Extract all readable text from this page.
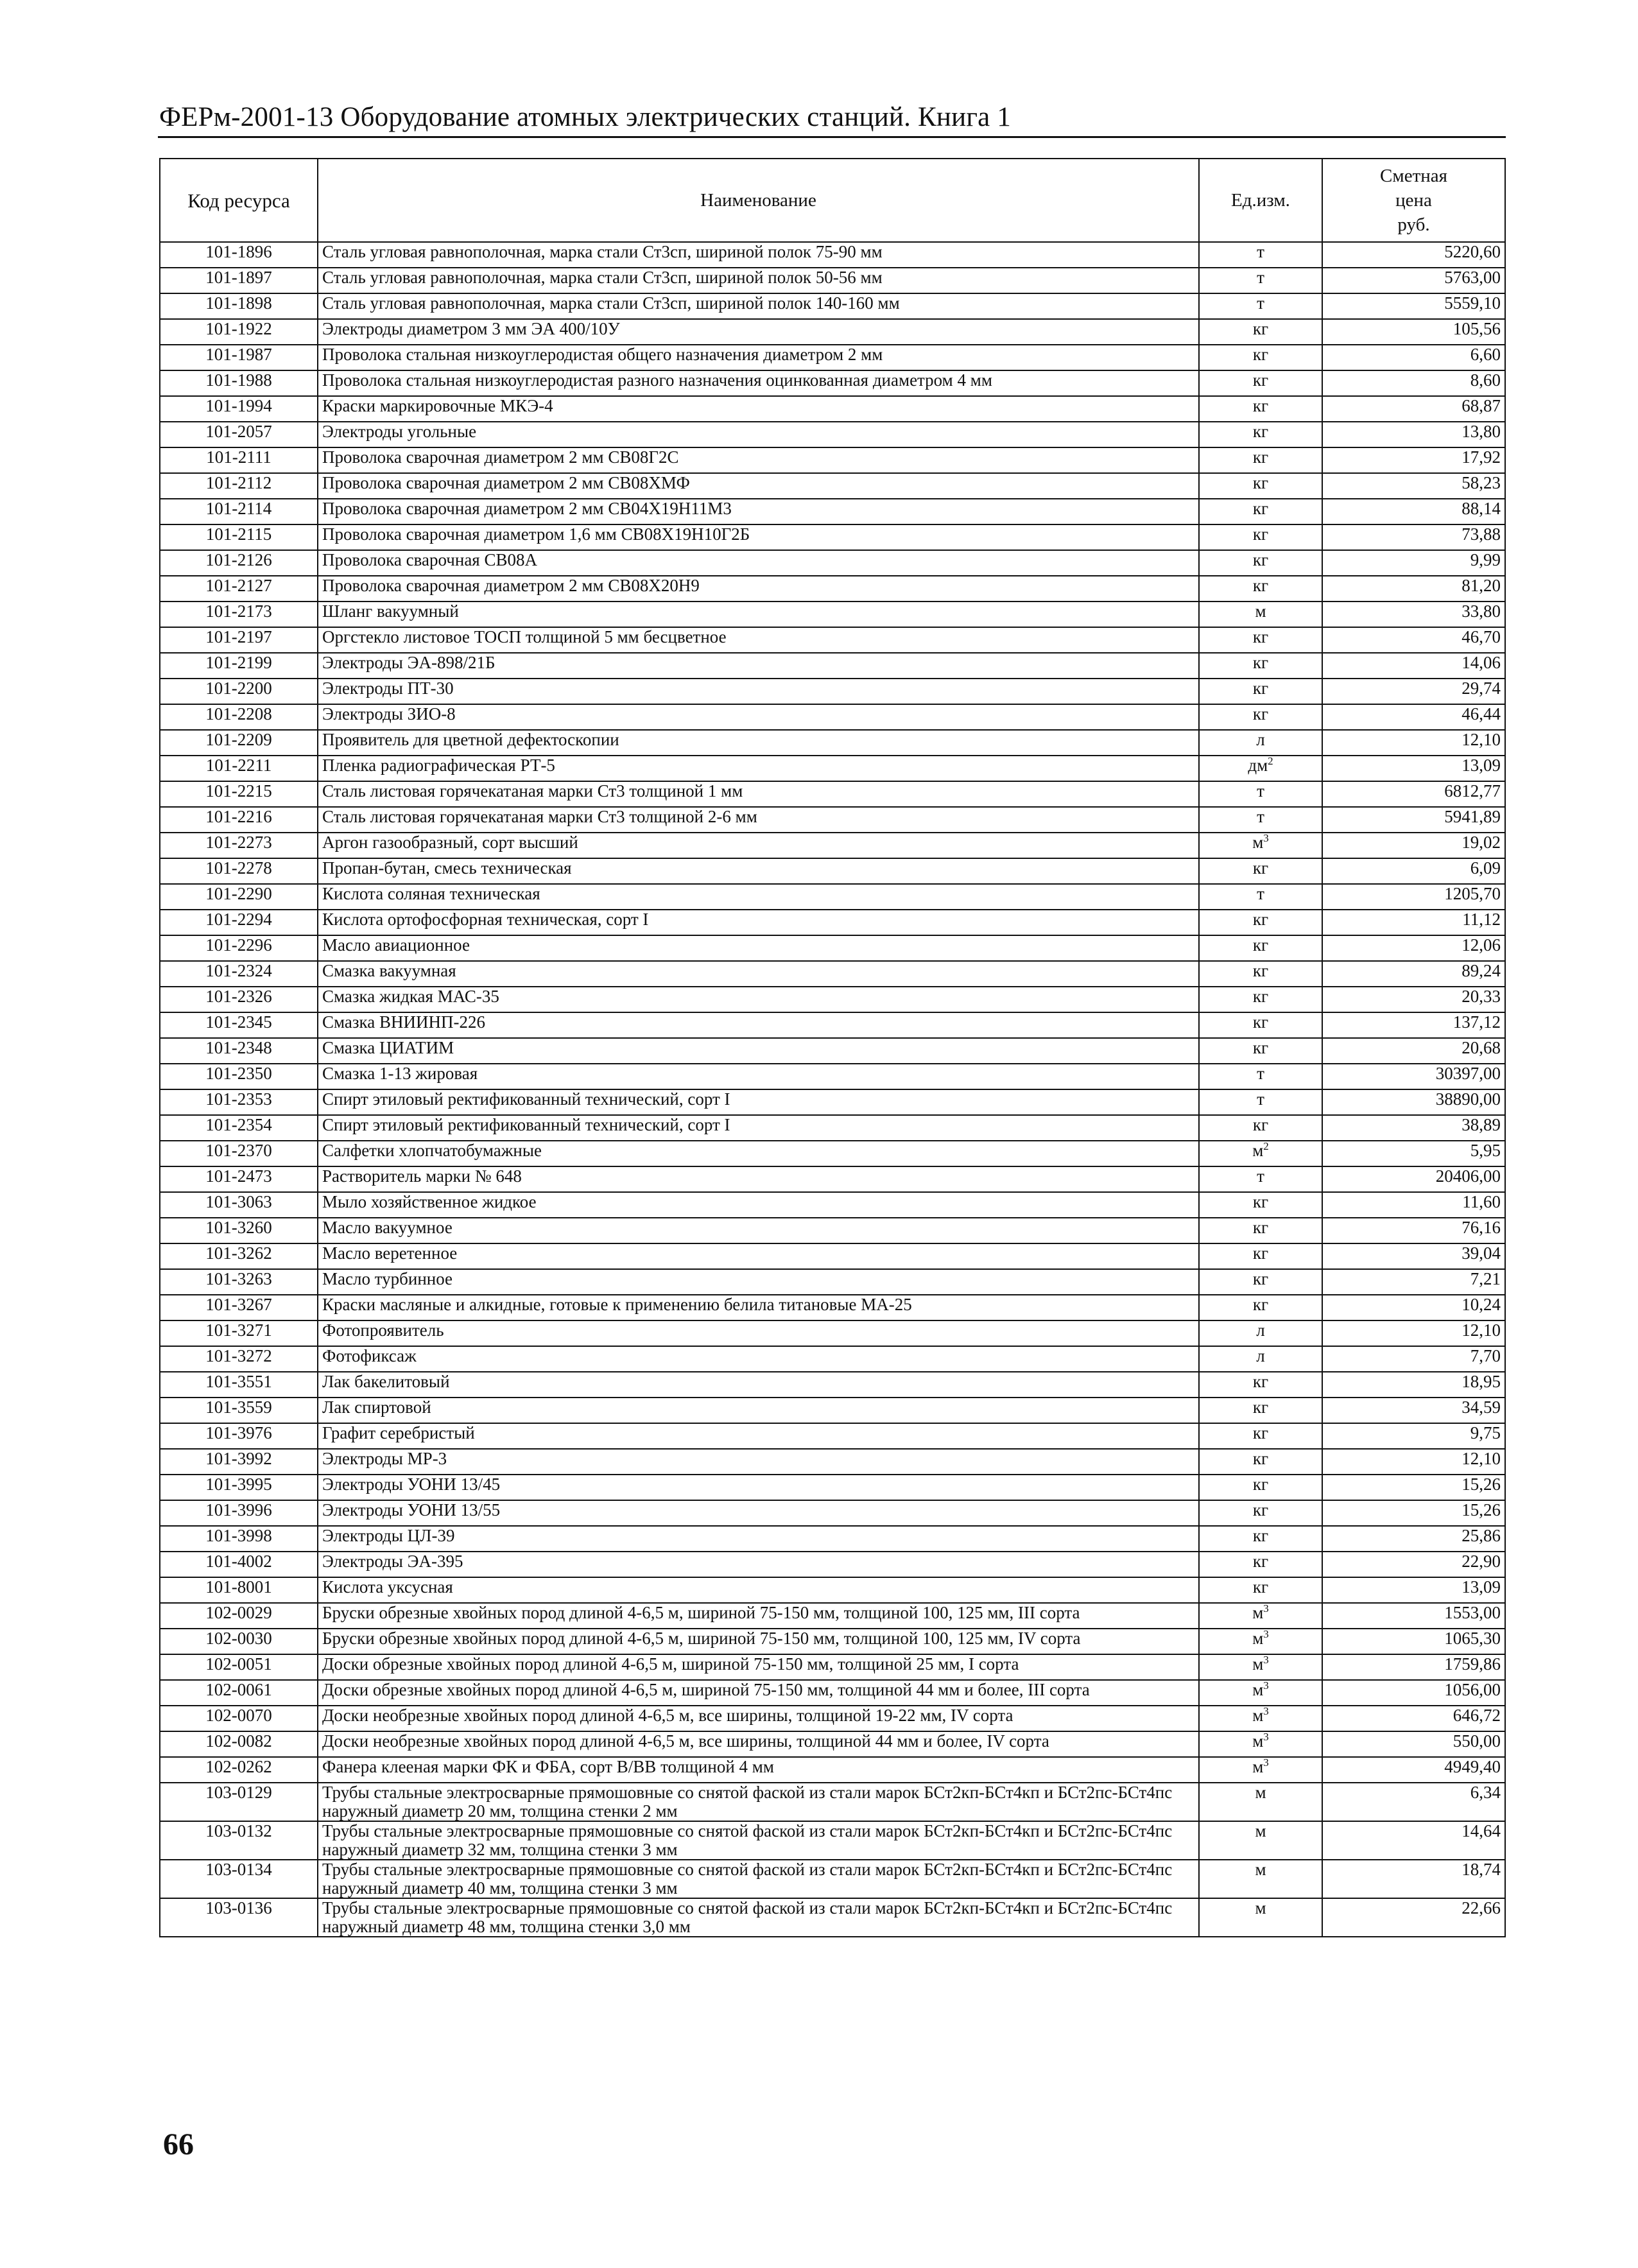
ФЕРм-2001-13 Оборудование атомных электрических станций. Книга 1
Код ресурса	Наименование	Ед.изм.	Сметная
цена
руб.
101-1896	Сталь угловая равнополочная, марка стали Ст3сп, шириной полок 75-90 мм	т	5220,60
101-1897	Сталь угловая равнополочная, марка стали Ст3сп, шириной полок 50-56 мм	т	5763,00
101-1898	Сталь угловая равнополочная, марка стали Ст3сп, шириной полок 140-160 мм	т	5559,10
101-1922	Электроды диаметром 3 мм ЭА 400/10У	кг	105,56
101-1987	Проволока стальная низкоуглеродистая общего назначения диаметром 2 мм	кг	6,60
101-1988	Проволока стальная низкоуглеродистая разного назначения оцинкованная диаметром 4 мм	кг	8,60
101-1994	Краски маркировочные МКЭ-4	кг	68,87
101-2057	Электроды угольные	кг	13,80
101-2111	Проволока сварочная диаметром 2 мм СВ08Г2С	кг	17,92
101-2112	Проволока сварочная диаметром 2 мм СВ08ХМФ	кг	58,23
101-2114	Проволока сварочная диаметром 2 мм СВ04Х19Н11М3	кг	88,14
101-2115	Проволока сварочная диаметром 1,6 мм СВ08Х19Н10Г2Б	кг	73,88
101-2126	Проволока сварочная СВ08А	кг	9,99
101-2127	Проволока сварочная диаметром 2 мм СВ08Х20Н9	кг	81,20
101-2173	Шланг вакуумный	м	33,80
101-2197	Оргстекло листовое ТОСП толщиной 5 мм бесцветное	кг	46,70
101-2199	Электроды ЭА-898/21Б	кг	14,06
101-2200	Электроды ПТ-30	кг	29,74
101-2208	Электроды ЗИО-8	кг	46,44
101-2209	Проявитель для цветной дефектоскопии	л	12,10
101-2211	Пленка радиографическая РТ-5	$дм^2$	13,09
101-2215	Сталь листовая горячекатаная марки Ст3 толщиной 1 мм	т	6812,77
101-2216	Сталь листовая горячекатаная марки Ст3 толщиной 2-6 мм	т	5941,89
101-2273	Аргон газообразный, сорт высший	$м^3$	19,02
101-2278	Пропан-бутан, смесь техническая	кг	6,09
101-2290	Кислота соляная техническая	т	1205,70
101-2294	Кислота ортофосфорная техническая, сорт I	кг	11,12
101-2296	Масло авиационное	кг	12,06
101-2324	Смазка вакуумная	кг	89,24
101-2326	Смазка жидкая МАС-35	кг	20,33
101-2345	Смазка ВНИИНП-226	кг	137,12
101-2348	Смазка ЦИАТИМ	кг	20,68
101-2350	Смазка 1-13 жировая	т	30397,00
101-2353	Спирт этиловый ректификованный технический, сорт I	т	38890,00
101-2354	Спирт этиловый ректификованный технический, сорт I	кг	38,89
101-2370	Салфетки хлопчатобумажные	$м^2$	5,95
101-2473	Растворитель марки № 648	т	20406,00
101-3063	Мыло хозяйственное жидкое	кг	11,60
101-3260	Масло вакуумное	кг	76,16
101-3262	Масло веретенное	кг	39,04
101-3263	Масло турбинное	кг	7,21
101-3267	Краски масляные и алкидные, готовые к применению белила титановые МА-25	кг	10,24
101-3271	Фотопроявитель	л	12,10
101-3272	Фотофиксаж	л	7,70
101-3551	Лак бакелитовый	кг	18,95
101-3559	Лак спиртовой	кг	34,59
101-3976	Графит серебристый	кг	9,75
101-3992	Электроды МР-3	кг	12,10
101-3995	Электроды УОНИ 13/45	кг	15,26
101-3996	Электроды УОНИ 13/55	кг	15,26
101-3998	Электроды ЦЛ-39	кг	25,86
101-4002	Электроды ЭА-395	кг	22,90
101-8001	Кислота уксусная	кг	13,09
102-0029	Бруски обрезные хвойных пород длиной 4-6,5 м, шириной 75-150 мм, толщиной 100, 125 мм, III сорта	$м^3$	1553,00
102-0030	Бруски обрезные хвойных пород длиной 4-6,5 м, шириной 75-150 мм, толщиной 100, 125 мм, IV сорта	$м^3$	1065,30
102-0051	Доски обрезные хвойных пород длиной 4-6,5 м, шириной 75-150 мм, толщиной 25 мм, I сорта	$м^3$	1759,86
102-0061	Доски обрезные хвойных пород длиной 4-6,5 м, шириной 75-150 мм, толщиной 44 мм и более, III сорта	$м^3$	1056,00
102-0070	Доски необрезные хвойных пород длиной 4-6,5 м, все ширины, толщиной 19-22 мм, IV сорта	$м^3$	646,72
102-0082	Доски необрезные хвойных пород длиной 4-6,5 м, все ширины, толщиной 44 мм и более, IV сорта	$м^3$	550,00
102-0262	Фанера клееная марки ФК и ФБА, сорт В/ВВ толщиной 4 мм	$м^3$	4949,40
103-0129	Трубы стальные электросварные прямошовные со снятой фаской из стали марок БСт2кп-БСт4кп и БСт2пс-БСт4пс наружный диаметр 20 мм, толщина стенки 2 мм	м	6,34
103-0132	Трубы стальные электросварные прямошовные со снятой фаской из стали марок БСт2кп-БСт4кп и БСт2пс-БСт4пс наружный диаметр 32 мм, толщина стенки 3 мм	м	14,64
103-0134	Трубы стальные электросварные прямошовные со снятой фаской из стали марок БСт2кп-БСт4кп и БСт2пс-БСт4пс наружный диаметр 40 мм, толщина стенки 3 мм	м	18,74
103-0136	Трубы стальные электросварные прямошовные со снятой фаской из стали марок БСт2кп-БСт4кп и БСт2пс-БСт4пс наружный диаметр 48 мм, толщина стенки 3,0 мм	м	22,66
66
